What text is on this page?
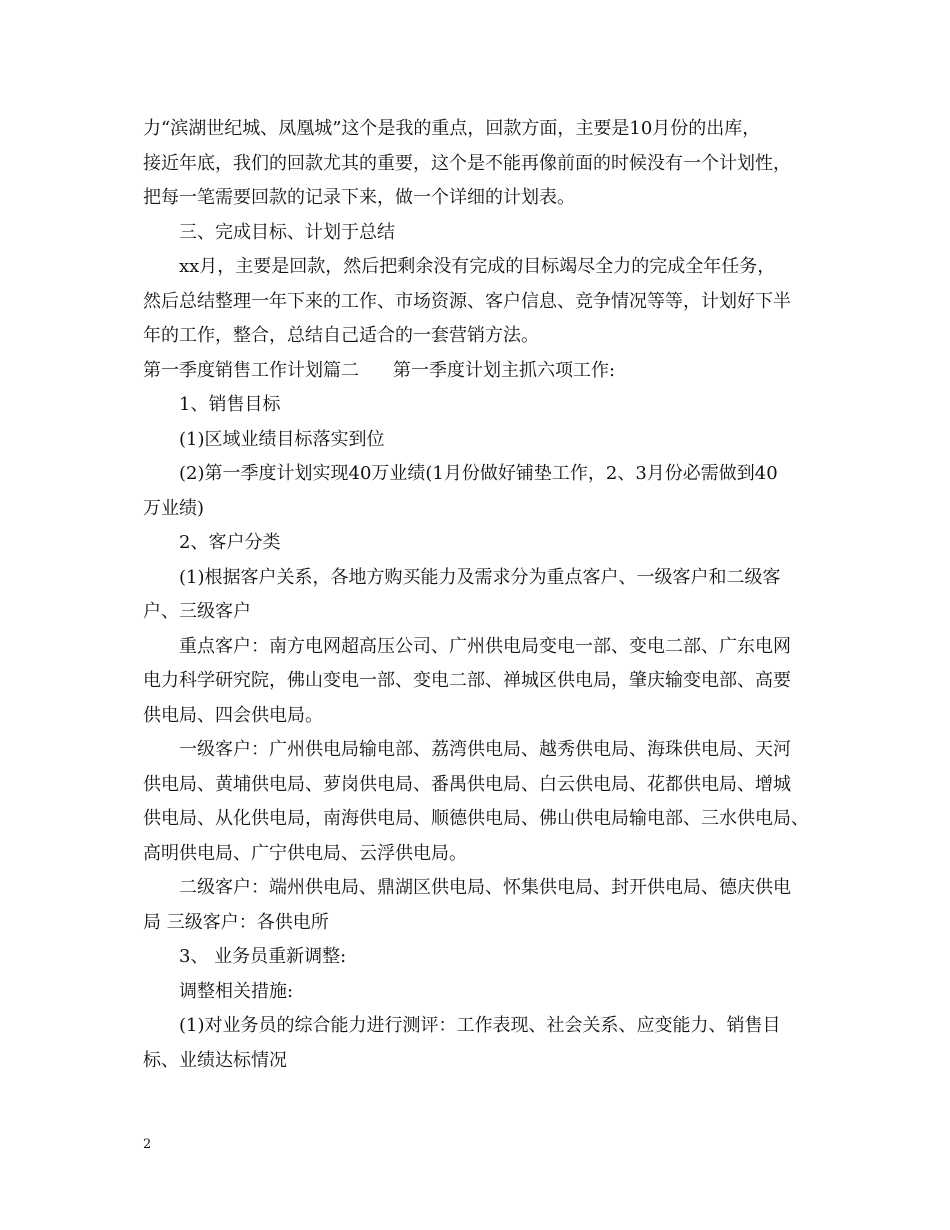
力“滨湖世纪城、凤凰城”这个是我的重点，回款方面，主要是10月份的出库，
接近年底，我们的回款尤其的重要，这个是不能再像前面的时候没有一个计划性，
把每一笔需要回款的记录下来，做一个详细的计划表。
三、完成目标、计划于总结
xx月，主要是回款，然后把剩余没有完成的目标竭尽全力的完成全年任务，
然后总结整理一年下来的工作、市场资源、客户信息、竞争情况等等，计划好下半
年的工作，整合，总结自己适合的一套营销方法。
第一季度销售工作计划篇二 第一季度计划主抓六项工作:
1、销售目标
(1)区域业绩目标落实到位
(2)第一季度计划实现40万业绩(1月份做好铺垫工作，2、3月份必需做到40
万业绩)
2、客户分类
(1)根据客户关系，各地方购买能力及需求分为重点客户、一级客户和二级客
户、三级客户
重点客户：南方电网超高压公司、广州供电局变电一部、变电二部、广东电网
电力科学研究院，佛山变电一部、变电二部、禅城区供电局，肇庆输变电部、高要
供电局、四会供电局。
一级客户：广州供电局输电部、荔湾供电局、越秀供电局、海珠供电局、天河
供电局、黄埔供电局、萝岗供电局、番禺供电局、白云供电局、花都供电局、增城
供电局、从化供电局，南海供电局、顺德供电局、佛山供电局输电部、三水供电局、
高明供电局、广宁供电局、云浮供电局。
二级客户：端州供电局、鼎湖区供电局、怀集供电局、封开供电局、德庆供电
局 三级客户：各供电所
3、 业务员重新调整:
调整相关措施:
(1)对业务员的综合能力进行测评：工作表现、社会关系、应变能力、销售目
标、业绩达标情况
2
